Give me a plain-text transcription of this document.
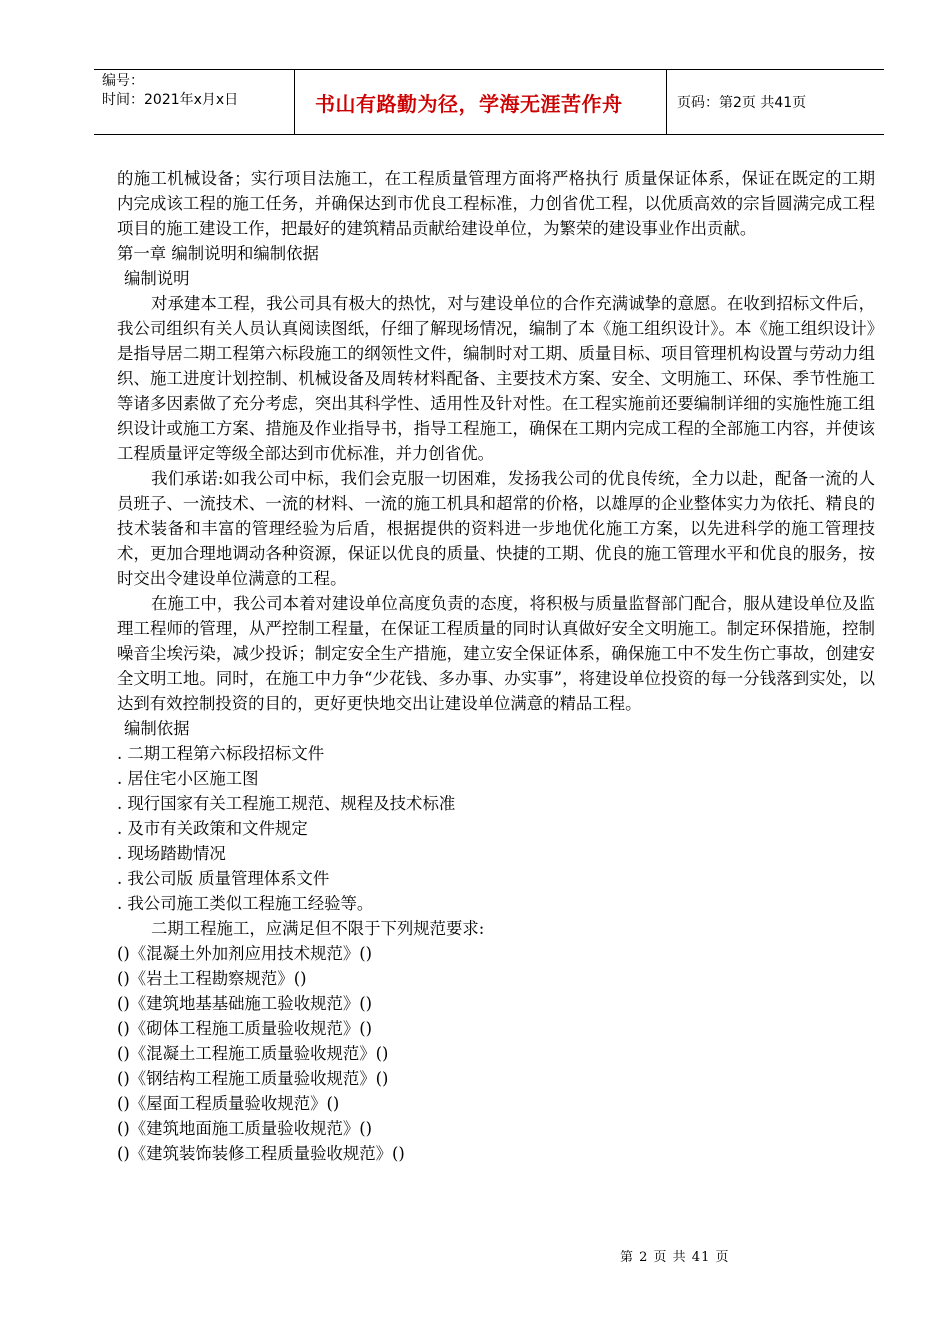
编号：
时间：2021年x月x日	书山有路勤为径，学海无涯苦作舟	页码：第2页 共41页

的施工机械设备；实行项目法施工，在工程质量管理方面将严格执行 质量保证体系，保证在既定的工期内完成该工程的施工任务，并确保达到市优良工程标准，力创省优工程，以优质高效的宗旨圆满完成工程项目的施工建设工作，把最好的建筑精品贡献给建设单位，为繁荣的建设事业作出贡献。

第一章 编制说明和编制依据

编制说明

对承建本工程，我公司具有极大的热忱，对与建设单位的合作充满诚挚的意愿。在收到招标文件后，我公司组织有关人员认真阅读图纸，仔细了解现场情况，编制了本《施工组织设计》。本《施工组织设计》是指导居二期工程第六标段施工的纲领性文件，编制时对工期、质量目标、项目管理机构设置与劳动力组织、施工进度计划控制、机械设备及周转材料配备、主要技术方案、安全、文明施工、环保、季节性施工等诸多因素做了充分考虑，突出其科学性、适用性及针对性。在工程实施前还要编制详细的实施性施工组织设计或施工方案、措施及作业指导书，指导工程施工，确保在工期内完成工程的全部施工内容，并使该工程质量评定等级全部达到市优标准，并力创省优。

我们承诺:如我公司中标，我们会克服一切困难，发扬我公司的优良传统，全力以赴，配备一流的人员班子、一流技术、一流的材料、一流的施工机具和超常的价格，以雄厚的企业整体实力为依托、精良的技术装备和丰富的管理经验为后盾，根据提供的资料进一步地优化施工方案，以先进科学的施工管理技术，更加合理地调动各种资源，保证以优良的质量、快捷的工期、优良的施工管理水平和优良的服务，按时交出令建设单位满意的工程。

在施工中，我公司本着对建设单位高度负责的态度，将积极与质量监督部门配合，服从建设单位及监理工程师的管理，从严控制工程量，在保证工程质量的同时认真做好安全文明施工。制定环保措施，控制噪音尘埃污染，减少投诉；制定安全生产措施，建立安全保证体系，确保施工中不发生伤亡事故，创建安全文明工地。同时，在施工中力争“少花钱、多办事、办实事”，将建设单位投资的每一分钱落到实处，以达到有效控制投资的目的，更好更快地交出让建设单位满意的精品工程。

编制依据

. 二期工程第六标段招标文件

. 居住宅小区施工图

. 现行国家有关工程施工规范、规程及技术标准

. 及市有关政策和文件规定

. 现场踏勘情况

. 我公司版 质量管理体系文件

. 我公司施工类似工程施工经验等。

二期工程施工，应满足但不限于下列规范要求:

()《混凝土外加剂应用技术规范》()

()《岩土工程勘察规范》()

()《建筑地基基础施工验收规范》()

()《砌体工程施工质量验收规范》()

()《混凝土工程施工质量验收规范》()

()《钢结构工程施工质量验收规范》()

()《屋面工程质量验收规范》()

()《建筑地面施工质量验收规范》()

()《建筑装饰装修工程质量验收规范》()

第 2 页 共 41 页
